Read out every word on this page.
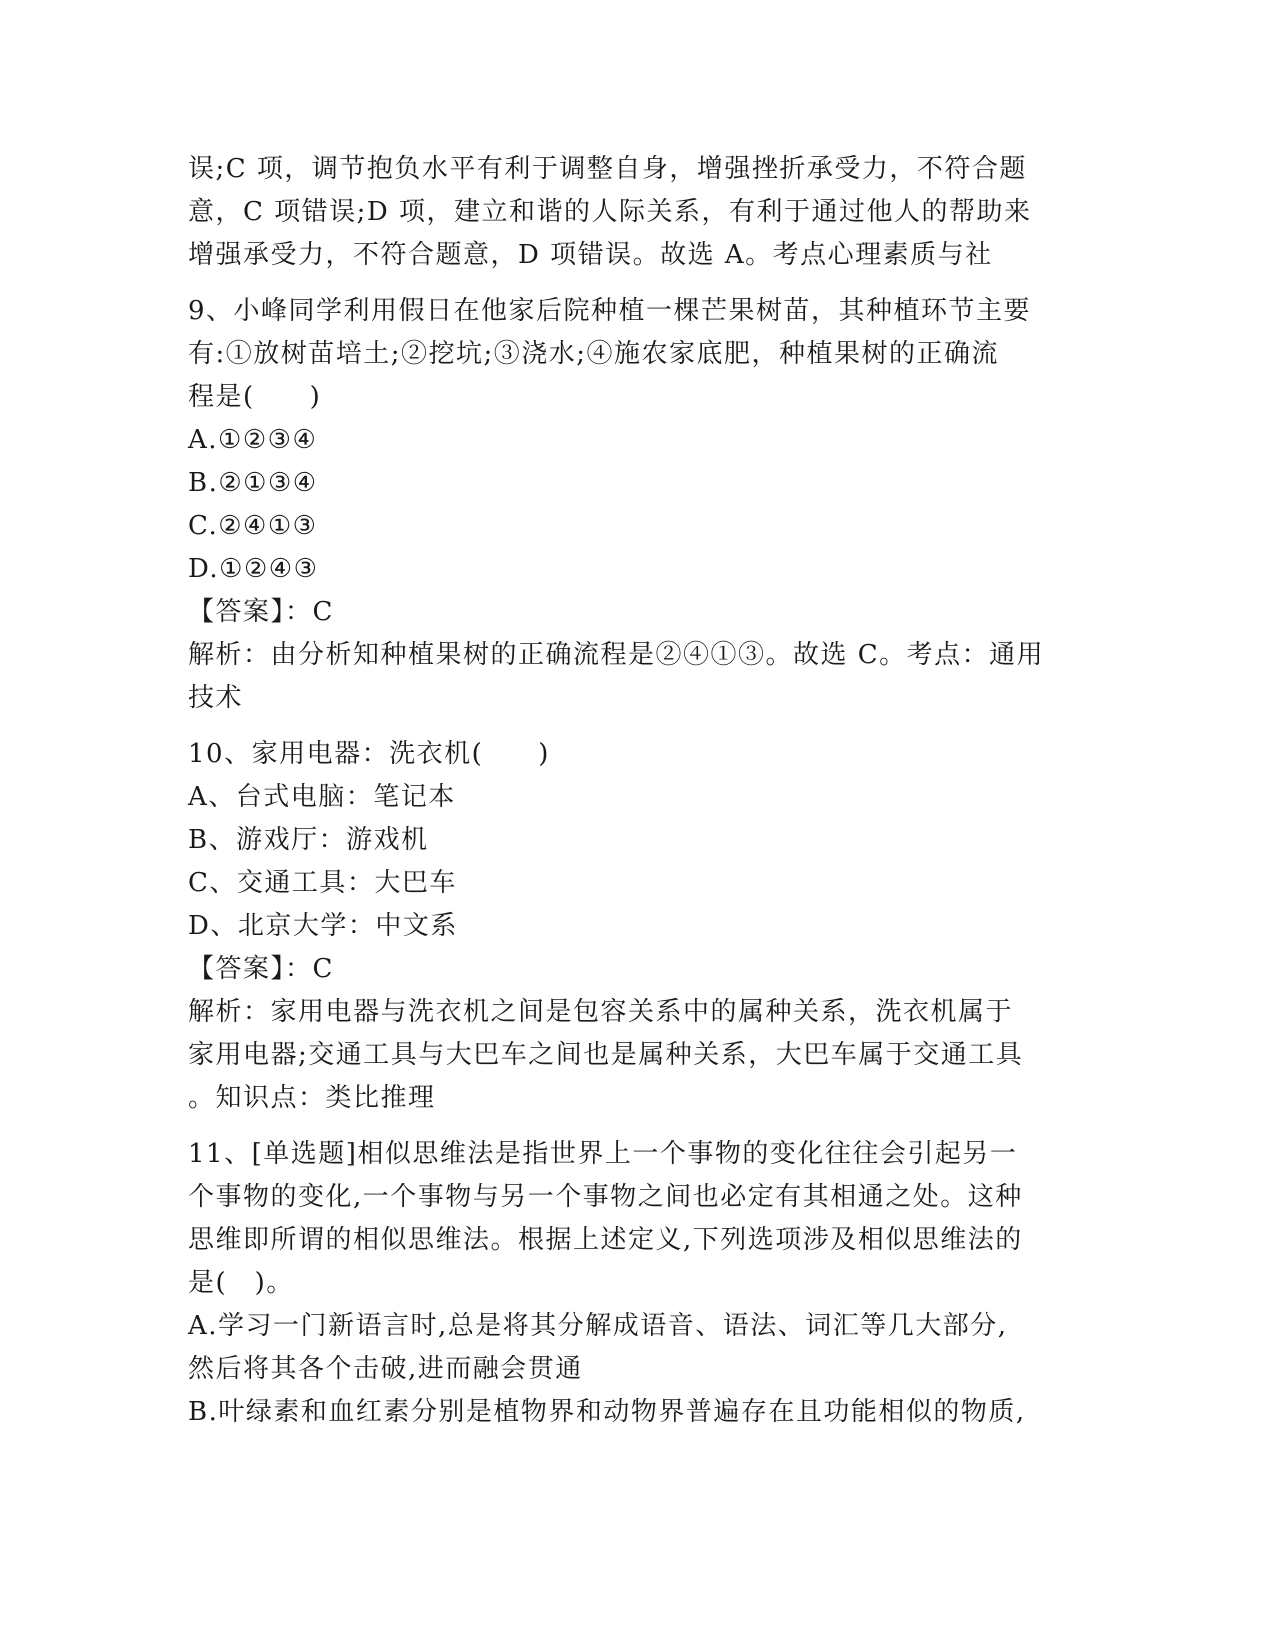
误;C 项，调节抱负水平有利于调整自身，增强挫折承受力，不符合题
意，C 项错误;D 项，建立和谐的人际关系，有利于通过他人的帮助来
增强承受力，不符合题意，D 项错误。故选 A。考点心理素质与社
9、小峰同学利用假日在他家后院种植一棵芒果树苗，其种植环节主要
有:①放树苗培土;②挖坑;③浇水;④施农家底肥，种植果树的正确流
程是(　　)
A.①②③④
B.②①③④
C.②④①③
D.①②④③
【答案】：C
解析：由分析知种植果树的正确流程是②④①③。故选 C。考点：通用
技术
10、家用电器：洗衣机(　　)
A、台式电脑：笔记本
B、游戏厅：游戏机
C、交通工具：大巴车
D、北京大学：中文系
【答案】：C
解析：家用电器与洗衣机之间是包容关系中的属种关系，洗衣机属于
家用电器;交通工具与大巴车之间也是属种关系，大巴车属于交通工具
。知识点：类比推理
11、[单选题]相似思维法是指世界上一个事物的变化往往会引起另一
个事物的变化,一个事物与另一个事物之间也必定有其相通之处。这种
思维即所谓的相似思维法。根据上述定义,下列选项涉及相似思维法的
是(　)。
A.学习一门新语言时,总是将其分解成语音、语法、词汇等几大部分,
然后将其各个击破,进而融会贯通
B.叶绿素和血红素分别是植物界和动物界普遍存在且功能相似的物质,
